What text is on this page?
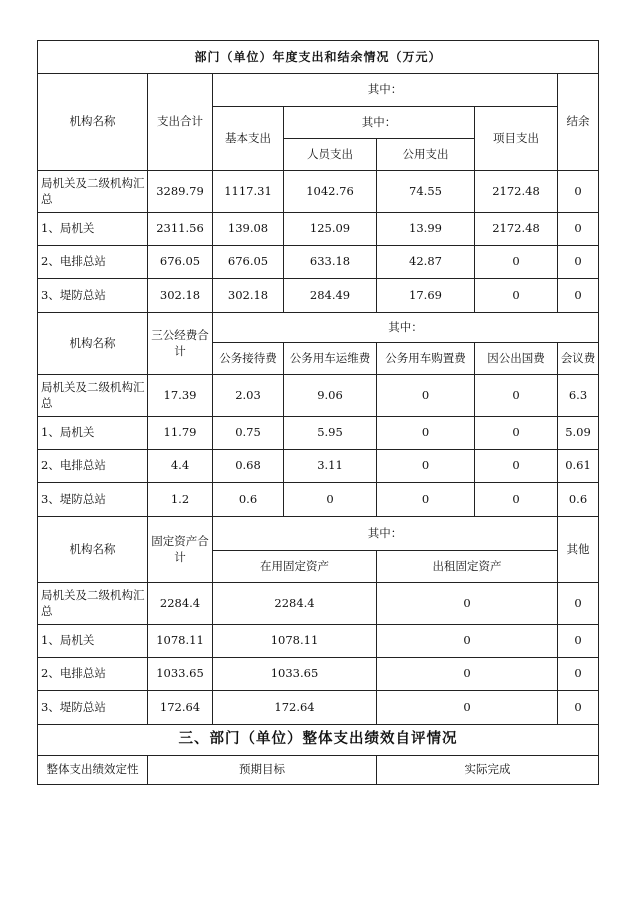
部门（单位）年度支出和结余情况（万元）						
机构名称	支出合计	其中：				结余
		基本支出	其中：		项目支出	
			人员支出	公用支出		
局机关及二级机构汇总	3289.79	1117.31	1042.76	74.55	2172.48	0
1、局机关	2311.56	139.08	125.09	13.99	2172.48	0
2、电排总站	676.05	676.05	633.18	42.87	0	0
3、堤防总站	302.18	302.18	284.49	17.69	0	0
机构名称	三公经费合计	其中：				
		公务接待费	公务用车运维费	公务用车购置费	因公出国费	会议费
局机关及二级机构汇总	17.39	2.03	9.06	0	0	6.3
1、局机关	11.79	0.75	5.95	0	0	5.09
2、电排总站	4.4	0.68	3.11	0	0	0.61
3、堤防总站	1.2	0.6	0	0	0	0.6
机构名称	固定资产合计	其中：				其他
		在用固定资产		出租固定资产		
局机关及二级机构汇总	2284.4	2284.4		0		0
1、局机关	1078.11	1078.11		0		0
2、电排总站	1033.65	1033.65		0		0
3、堤防总站	172.64	172.64		0		0
三、部门（单位）整体支出绩效自评情况						
整体支出绩效定性	预期目标			实际完成		
